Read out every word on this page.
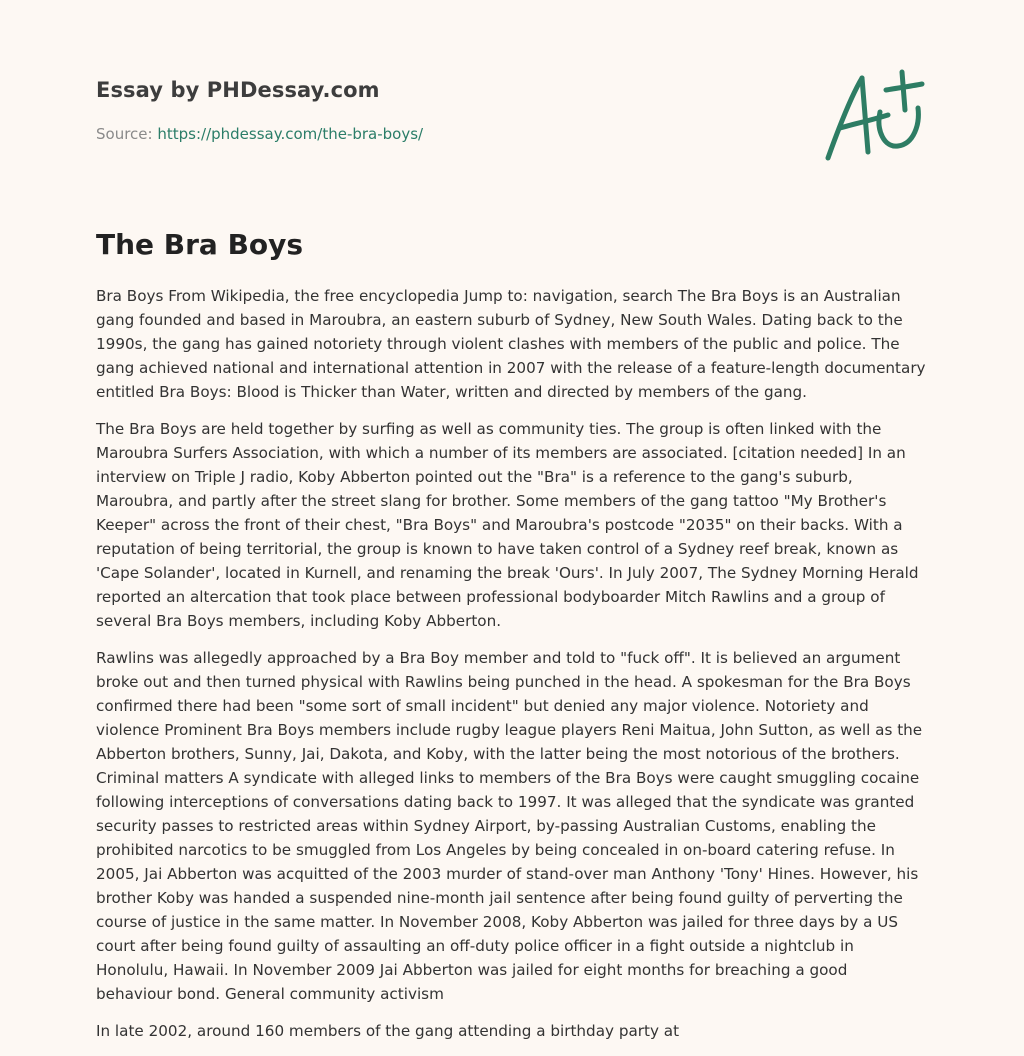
Essay by PHDessay.com
Source: https://phdessay.com/the-bra-boys/
The Bra Boys

Bra Boys From Wikipedia, the free encyclopedia Jump to: navigation, search The Bra Boys is an Australian gang founded and based in Maroubra, an eastern suburb of Sydney, New South Wales. Dating back to the 1990s, the gang has gained notoriety through violent clashes with members of the public and police. The gang achieved national and international attention in 2007 with the release of a feature-length documentary entitled Bra Boys: Blood is Thicker than Water, written and directed by members of the gang.

The Bra Boys are held together by surfing as well as community ties. The group is often linked with the Maroubra Surfers Association, with which a number of its members are associated. [citation needed] In an interview on Triple J radio, Koby Abberton pointed out the "Bra" is a reference to the gang's suburb, Maroubra, and partly after the street slang for brother. Some members of the gang tattoo "My Brother's Keeper" across the front of their chest, "Bra Boys" and Maroubra's postcode "2035" on their backs. With a reputation of being territorial, the group is known to have taken control of a Sydney reef break, known as 'Cape Solander', located in Kurnell, and renaming the break 'Ours'. In July 2007, The Sydney Morning Herald reported an altercation that took place between professional bodyboarder Mitch Rawlins and a group of several Bra Boys members, including Koby Abberton.

Rawlins was allegedly approached by a Bra Boy member and told to "fuck off". It is believed an argument broke out and then turned physical with Rawlins being punched in the head. A spokesman for the Bra Boys confirmed there had been "some sort of small incident" but denied any major violence. Notoriety and violence Prominent Bra Boys members include rugby league players Reni Maitua, John Sutton, as well as the Abberton brothers, Sunny, Jai, Dakota, and Koby, with the latter being the most notorious of the brothers. Criminal matters A syndicate with alleged links to members of the Bra Boys were caught smuggling cocaine following interceptions of conversations dating back to 1997. It was alleged that the syndicate was granted security passes to restricted areas within Sydney Airport, by-passing Australian Customs, enabling the prohibited narcotics to be smuggled from Los Angeles by being concealed in on-board catering refuse. In 2005, Jai Abberton was acquitted of the 2003 murder of stand-over man Anthony 'Tony' Hines. However, his brother Koby was handed a suspended nine-month jail sentence after being found guilty of perverting the course of justice in the same matter. In November 2008, Koby Abberton was jailed for three days by a US court after being found guilty of assaulting an off-duty police officer in a fight outside a nightclub in Honolulu, Hawaii. In November 2009 Jai Abberton was jailed for eight months for breaching a good behaviour bond. General community activism

In late 2002, around 160 members of the gang attending a birthday party at
